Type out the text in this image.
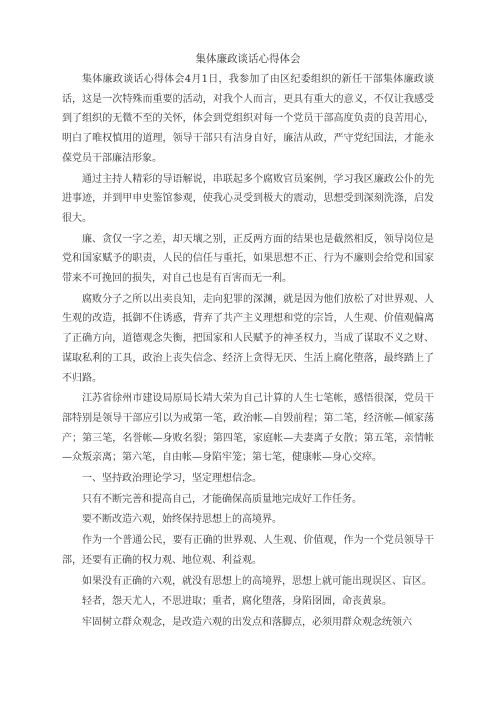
集体廉政谈话心得体会

集体廉政谈话心得体会4月1日，我参加了由区纪委组织的新任干部集体廉政谈话，这是一次特殊而重要的活动，对我个人而言，更具有重大的意义，不仅让我感受到了组织的无微不至的关怀，体会到党组织对每一个党员干部高度负责的良苦用心，明白了唯权慎用的道理，领导干部只有洁身自好，廉洁从政，严守党纪国法，才能永葆党员干部廉洁形象。

通过主持人精彩的导语解说，串联起多个腐败官员案例，学习我区廉政公仆的先进事迹，并到甲申史鉴馆参观，使我心灵受到极大的震动，思想受到深刻洗涤，启发很大。

廉、贪仅一字之差，却天壤之别，正反两方面的结果也是截然相反，领导岗位是党和国家赋予的职责，人民的信任与重托，如果思想不正、行为不廉则会给党和国家带来不可挽回的损失，对自己也是有百害而无一利。

腐败分子之所以出卖良知，走向犯罪的深渊，就是因为他们放松了对世界观、人生观的改造，抵御不住诱惑，背弃了共产主义理想和党的宗旨，人生观、价值观偏离了正确方向，道德观念失衡，把国家和人民赋予的神圣权力，当成了谋取不义之财、谋取私利的工具，政治上丧失信念、经济上贪得无厌、生活上腐化堕落，最终踏上了不归路。

江苏省徐州市建设局原局长靖大荣为自己计算的人生七笔帐，感悟很深，党员干部特别是领导干部应引以为戒第一笔，政治帐—自毁前程；第二笔，经济帐—倾家荡产；第三笔，名誉帐—身败名裂；第四笔，家庭帐—夫妻离子女散；第五笔，亲情帐—众叛亲离；第六笔，自由帐—身陷牢笼；第七笔，健康帐—身心交瘁。

一、坚持政治理论学习，坚定理想信念。

只有不断完善和提高自己，才能确保高质量地完成好工作任务。

要不断改造六观，始终保持思想上的高境界。

作为一个普通公民，要有正确的世界观、人生观、价值观，作为一个党员领导干部，还要有正确的权力观、地位观、利益观。

如果没有正确的六观，就没有思想上的高境界，思想上就可能出现误区、盲区。

轻者，怨天尤人，不思进取；重者，腐化堕落，身陷囹圄，命丧黄泉。

牢固树立群众观念，是改造六观的出发点和落脚点，必须用群众观念统领六
